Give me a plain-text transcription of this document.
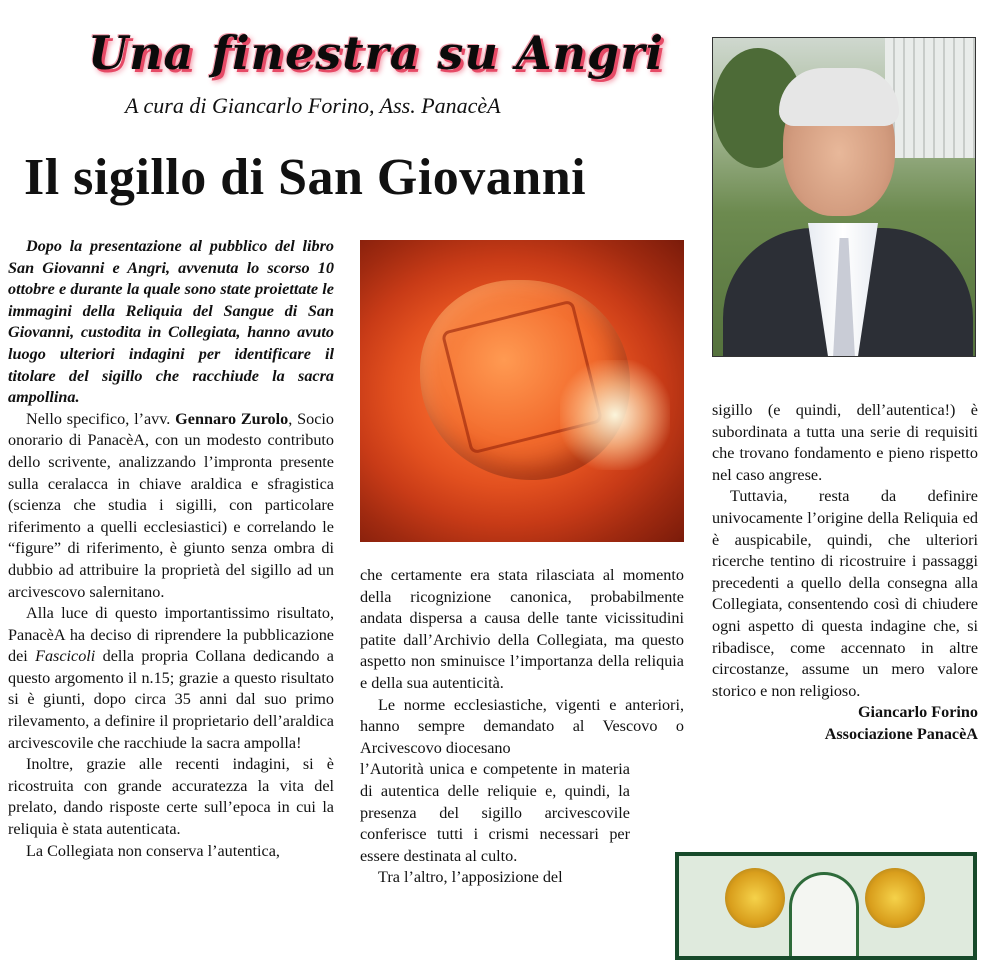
Una finestra su Angri
A cura di Giancarlo Forino, Ass. PanacèA
Il sigillo di San Giovanni

Dopo la presentazione al pubblico del libro San Giovanni e Angri, avvenuta lo scorso 10 ottobre e durante la quale sono state proiettate le immagini della Reliquia del Sangue di San Giovanni, custodita in Collegiata, hanno avuto luogo ulteriori indagini per identificare il titolare del sigillo che racchiude la sacra ampollina.

Nello specifico, l’avv. Gennaro Zurolo, Socio onorario di PanacèA, con un modesto contributo dello scrivente, analizzando l’impronta presente sulla ceralacca in chiave araldica e sfragistica (scienza che studia i sigilli, con particolare riferimento a quelli ecclesiastici) e correlando le “figure” di riferimento, è giunto senza ombra di dubbio ad attribuire la proprietà del sigillo ad un arcivescovo salernitano.

Alla luce di questo importantissimo risultato, PanacèA ha deciso di riprendere la pubblicazione dei Fascicoli della propria Collana dedicando a questo argomento il n.15; grazie a questo risultato si è giunti, dopo circa 35 anni dal suo primo rilevamento, a definire il proprietario dell’araldica arcivescovile che racchiude la sacra ampolla!

Inoltre, grazie alle recenti indagini, si è ricostruita con grande accuratezza la vita del prelato, dando risposte certe sull’epoca in cui la reliquia è stata autenticata.

La Collegiata non conserva l’autentica,

che certamente era stata rilasciata al momento della ricognizione canonica, probabilmente andata dispersa a causa delle tante vicissitudini patite dall’Archivio della Collegiata, ma questo aspetto non sminuisce l’importanza della reliquia e della sua autenticità.

Le norme ecclesiastiche, vigenti e anteriori, hanno sempre demandato al Vescovo o Arcivescovo diocesano

l’Autorità unica e competente in materia di autentica delle reliquie e, quindi, la presenza del sigillo arcivescovile conferisce tutti i crismi necessari per essere destinata al culto.

Tra l’altro, l’apposizione del

sigillo (e quindi, dell’autentica!) è subordinata a tutta una serie di requisiti che trovano fondamento e pieno rispetto nel caso angrese.

Tuttavia, resta da definire univocamente l’origine della Reliquia ed è auspicabile, quindi, che ulteriori ricerche tentino di ricostruire i passaggi precedenti a quello della consegna alla Collegiata, consentendo così di chiudere ogni aspetto di questa indagine che, si ribadisce, come accennato in altre circostanze, assume un mero valore storico e non religioso.

Giancarlo Forino

Associazione PanacèA
